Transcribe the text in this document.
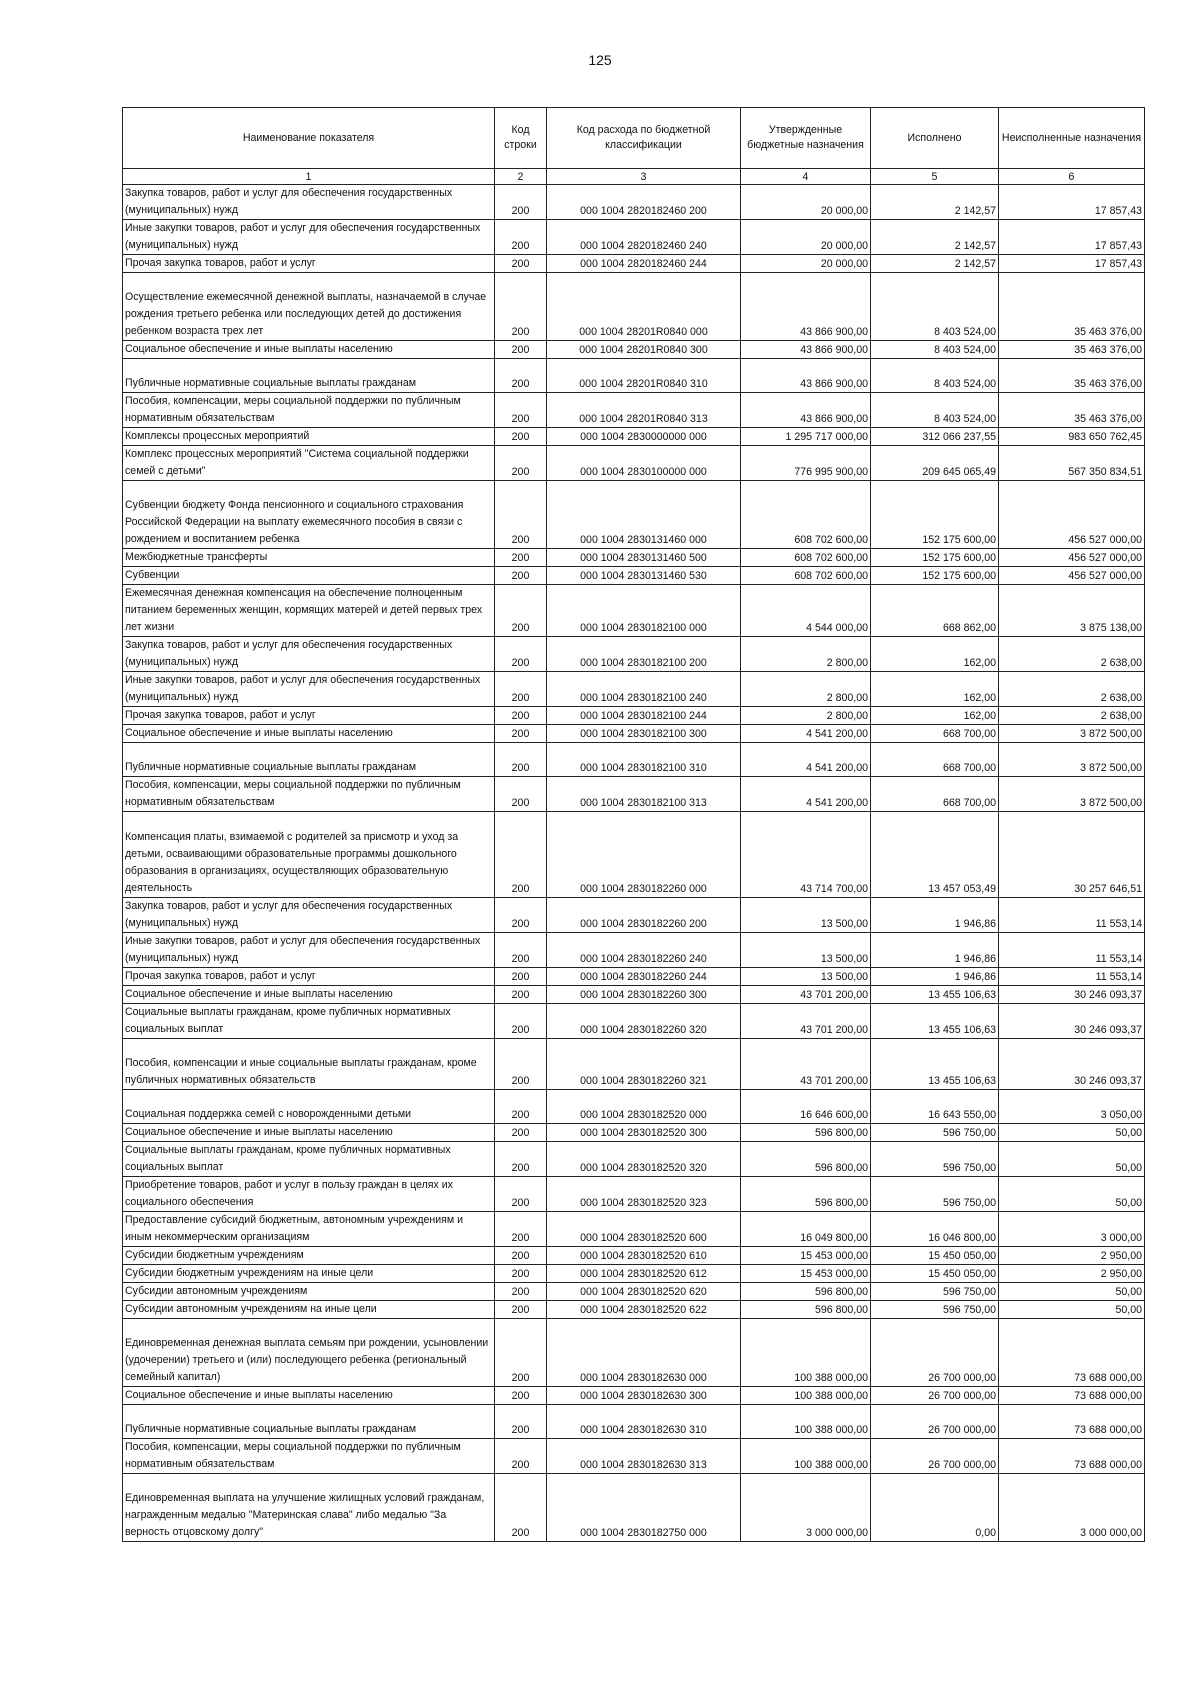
125
Наименование показателя	Код строки	Код расхода по бюджетной классификации	Утвержденные бюджетные назначения	Исполнено	Неисполненные назначения
1	2	3	4	5	6
Закупка товаров, работ и услуг для обеспечения государственных (муниципальных) нужд	200	000 1004 2820182460 200	20 000,00	2 142,57	17 857,43
Иные закупки товаров, работ и услуг для обеспечения государственных (муниципальных) нужд	200	000 1004 2820182460 240	20 000,00	2 142,57	17 857,43
Прочая закупка товаров, работ и услуг	200	000 1004 2820182460 244	20 000,00	2 142,57	17 857,43
Осуществление ежемесячной денежной выплаты, назначаемой в случае рождения третьего ребенка или последующих детей до достижения ребенком возраста трех лет	200	000 1004 28201R0840 000	43 866 900,00	8 403 524,00	35 463 376,00
Социальное обеспечение и иные выплаты населению	200	000 1004 28201R0840 300	43 866 900,00	8 403 524,00	35 463 376,00
Публичные нормативные социальные выплаты гражданам	200	000 1004 28201R0840 310	43 866 900,00	8 403 524,00	35 463 376,00
Пособия, компенсации, меры социальной поддержки по публичным нормативным обязательствам	200	000 1004 28201R0840 313	43 866 900,00	8 403 524,00	35 463 376,00
Комплексы процессных мероприятий	200	000 1004 2830000000 000	1 295 717 000,00	312 066 237,55	983 650 762,45
Комплекс процессных мероприятий "Система социальной поддержки семей с детьми"	200	000 1004 2830100000 000	776 995 900,00	209 645 065,49	567 350 834,51
Субвенции бюджету Фонда пенсионного и социального страхования Российской Федерации на выплату ежемесячного пособия в связи с рождением и воспитанием ребенка	200	000 1004 2830131460 000	608 702 600,00	152 175 600,00	456 527 000,00
Межбюджетные трансферты	200	000 1004 2830131460 500	608 702 600,00	152 175 600,00	456 527 000,00
Субвенции	200	000 1004 2830131460 530	608 702 600,00	152 175 600,00	456 527 000,00
Ежемесячная денежная компенсация на обеспечение полноценным питанием беременных женщин, кормящих матерей и детей первых трех лет жизни	200	000 1004 2830182100 000	4 544 000,00	668 862,00	3 875 138,00
Закупка товаров, работ и услуг для обеспечения государственных (муниципальных) нужд	200	000 1004 2830182100 200	2 800,00	162,00	2 638,00
Иные закупки товаров, работ и услуг для обеспечения государственных (муниципальных) нужд	200	000 1004 2830182100 240	2 800,00	162,00	2 638,00
Прочая закупка товаров, работ и услуг	200	000 1004 2830182100 244	2 800,00	162,00	2 638,00
Социальное обеспечение и иные выплаты населению	200	000 1004 2830182100 300	4 541 200,00	668 700,00	3 872 500,00
Публичные нормативные социальные выплаты гражданам	200	000 1004 2830182100 310	4 541 200,00	668 700,00	3 872 500,00
Пособия, компенсации, меры социальной поддержки по публичным нормативным обязательствам	200	000 1004 2830182100 313	4 541 200,00	668 700,00	3 872 500,00
Компенсация платы, взимаемой с родителей за присмотр и уход за детьми, осваивающими образовательные программы дошкольного образования в организациях, осуществляющих образовательную деятельность	200	000 1004 2830182260 000	43 714 700,00	13 457 053,49	30 257 646,51
Закупка товаров, работ и услуг для обеспечения государственных (муниципальных) нужд	200	000 1004 2830182260 200	13 500,00	1 946,86	11 553,14
Иные закупки товаров, работ и услуг для обеспечения государственных (муниципальных) нужд	200	000 1004 2830182260 240	13 500,00	1 946,86	11 553,14
Прочая закупка товаров, работ и услуг	200	000 1004 2830182260 244	13 500,00	1 946,86	11 553,14
Социальное обеспечение и иные выплаты населению	200	000 1004 2830182260 300	43 701 200,00	13 455 106,63	30 246 093,37
Социальные выплаты гражданам, кроме публичных нормативных социальных выплат	200	000 1004 2830182260 320	43 701 200,00	13 455 106,63	30 246 093,37
Пособия, компенсации и иные социальные выплаты гражданам, кроме публичных нормативных обязательств	200	000 1004 2830182260 321	43 701 200,00	13 455 106,63	30 246 093,37
Социальная поддержка семей с новорожденными детьми	200	000 1004 2830182520 000	16 646 600,00	16 643 550,00	3 050,00
Социальное обеспечение и иные выплаты населению	200	000 1004 2830182520 300	596 800,00	596 750,00	50,00
Социальные выплаты гражданам, кроме публичных нормативных социальных выплат	200	000 1004 2830182520 320	596 800,00	596 750,00	50,00
Приобретение товаров, работ и услуг в пользу граждан в целях их социального обеспечения	200	000 1004 2830182520 323	596 800,00	596 750,00	50,00
Предоставление субсидий бюджетным, автономным учреждениям и иным некоммерческим организациям	200	000 1004 2830182520 600	16 049 800,00	16 046 800,00	3 000,00
Субсидии бюджетным учреждениям	200	000 1004 2830182520 610	15 453 000,00	15 450 050,00	2 950,00
Субсидии бюджетным учреждениям на иные цели	200	000 1004 2830182520 612	15 453 000,00	15 450 050,00	2 950,00
Субсидии автономным учреждениям	200	000 1004 2830182520 620	596 800,00	596 750,00	50,00
Субсидии автономным учреждениям на иные цели	200	000 1004 2830182520 622	596 800,00	596 750,00	50,00
Единовременная денежная выплата семьям при рождении, усыновлении (удочерении) третьего и (или) последующего ребенка (региональный семейный капитал)	200	000 1004 2830182630 000	100 388 000,00	26 700 000,00	73 688 000,00
Социальное обеспечение и иные выплаты населению	200	000 1004 2830182630 300	100 388 000,00	26 700 000,00	73 688 000,00
Публичные нормативные социальные выплаты гражданам	200	000 1004 2830182630 310	100 388 000,00	26 700 000,00	73 688 000,00
Пособия, компенсации, меры социальной поддержки по публичным нормативным обязательствам	200	000 1004 2830182630 313	100 388 000,00	26 700 000,00	73 688 000,00
Единовременная выплата на улучшение жилищных условий гражданам, награжденным медалью "Материнская слава" либо медалью "За верность отцовскому долгу"	200	000 1004 2830182750 000	3 000 000,00	0,00	3 000 000,00
